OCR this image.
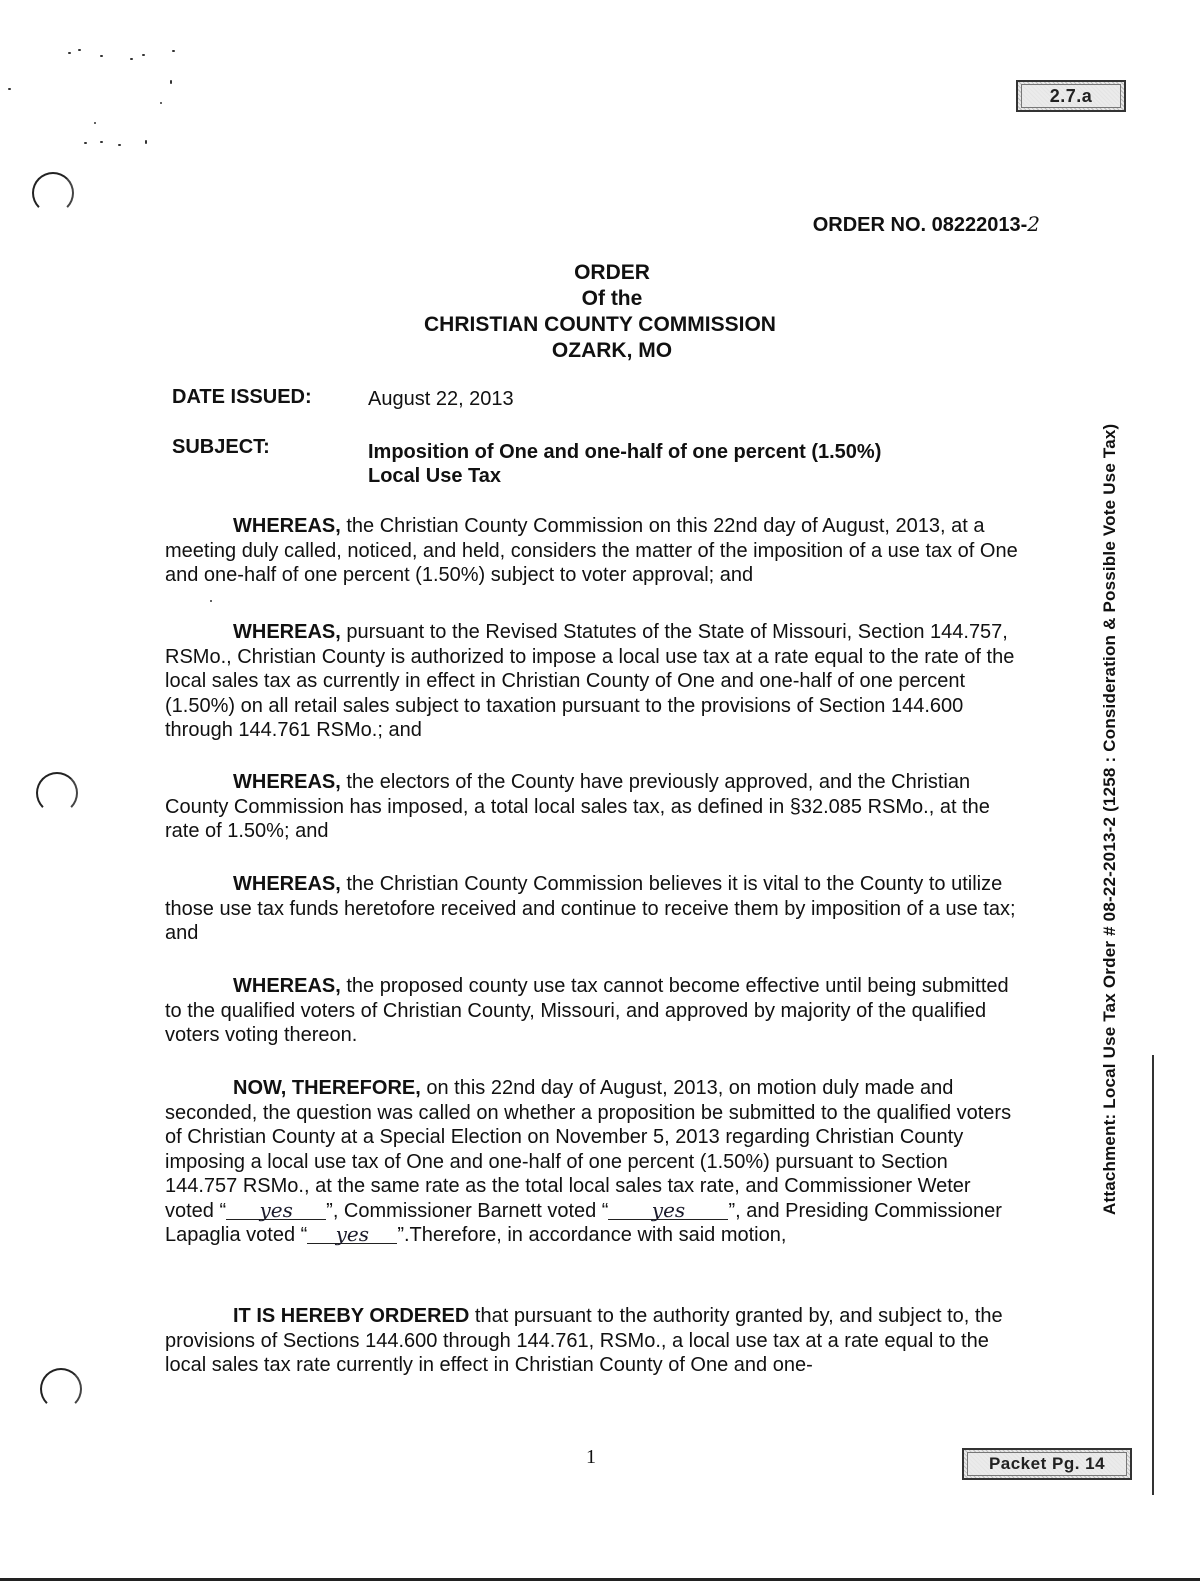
2.7.a
ORDER NO. 08222013-2
ORDER
Of the
CHRISTIAN COUNTY COMMISSION
OZARK, MO
DATE ISSUED:	August 22, 2013
SUBJECT:	Imposition of One and one-half of one percent (1.50%)
Local Use Tax
WHEREAS, the Christian County Commission on this 22nd day of August, 2013, at a meeting duly called, noticed, and held, considers the matter of the imposition of a use tax of One and one-half of one percent (1.50%) subject to voter approval; and
WHEREAS, pursuant to the Revised Statutes of the State of Missouri, Section 144.757, RSMo., Christian County is authorized to impose a local use tax at a rate equal to the rate of the local sales tax as currently in effect in Christian County of One and one-half of one percent (1.50%) on all retail sales subject to taxation pursuant to the provisions of Section 144.600 through 144.761 RSMo.; and
WHEREAS, the electors of the County have previously approved, and the Christian County Commission has imposed, a total local sales tax, as defined in §32.085 RSMo., at the rate of 1.50%; and
WHEREAS, the Christian County Commission believes it is vital to the County to utilize those use tax funds heretofore received and continue to receive them by imposition of a use tax; and
WHEREAS, the proposed county use tax cannot become effective until being submitted to the qualified voters of Christian County, Missouri, and approved by majority of the qualified voters voting thereon.
NOW, THEREFORE, on this 22nd day of August, 2013, on motion duly made and seconded, the question was called on whether a proposition be submitted to the qualified voters of Christian County at a Special Election on November 5, 2013 regarding Christian County imposing a local use tax of One and one-half of one percent (1.50%) pursuant to Section 144.757 RSMo., at the same rate as the total local sales tax rate, and Commissioner Weter voted “ yes ”, Commissioner Barnett voted “ yes ”, and Presiding Commissioner Lapaglia voted “ yes ”.Therefore, in accordance with said motion,
IT IS HEREBY ORDERED that pursuant to the authority granted by, and subject to, the provisions of Sections 144.600 through 144.761, RSMo., a local use tax at a rate equal to the local sales tax rate currently in effect in Christian County of One and one-
Attachment: Local Use Tax Order # 08-22-2013-2 (1258 : Consideration & Possible Vote Use Tax)
1	Packet Pg. 14
